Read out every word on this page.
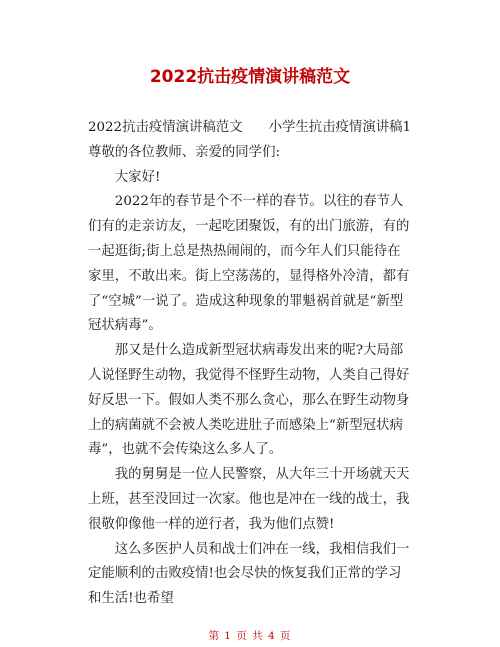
2022抗击疫情演讲稿范文

2022抗击疫情演讲稿范文 小学生抗击疫情演讲稿1

尊敬的各位教师、亲爱的同学们:

大家好!

2022年的春节是个不一样的春节。以往的春节人们有的走亲访友，一起吃团聚饭，有的出门旅游，有的一起逛街;街上总是热热闹闹的，而今年人们只能待在家里，不敢出来。街上空荡荡的，显得格外冷清，都有了“空城”一说了。造成这种现象的罪魁祸首就是“新型冠状病毒”。

那又是什么造成新型冠状病毒发出来的呢?大局部人说怪野生动物，我觉得不怪野生动物，人类自己得好好反思一下。假如人类不那么贪心，那么在野生动物身上的病菌就不会被人类吃进肚子而感染上“新型冠状病毒”，也就不会传染这么多人了。

我的舅舅是一位人民警察，从大年三十开场就天天上班，甚至没回过一次家。他也是冲在一线的战士，我很敬仰像他一样的逆行者，我为他们点赞!

这么多医护人员和战士们冲在一线，我相信我们一定能顺利的击败疫情!也会尽快的恢复我们正常的学习和生活!也希望

第 1 页 共 4 页
